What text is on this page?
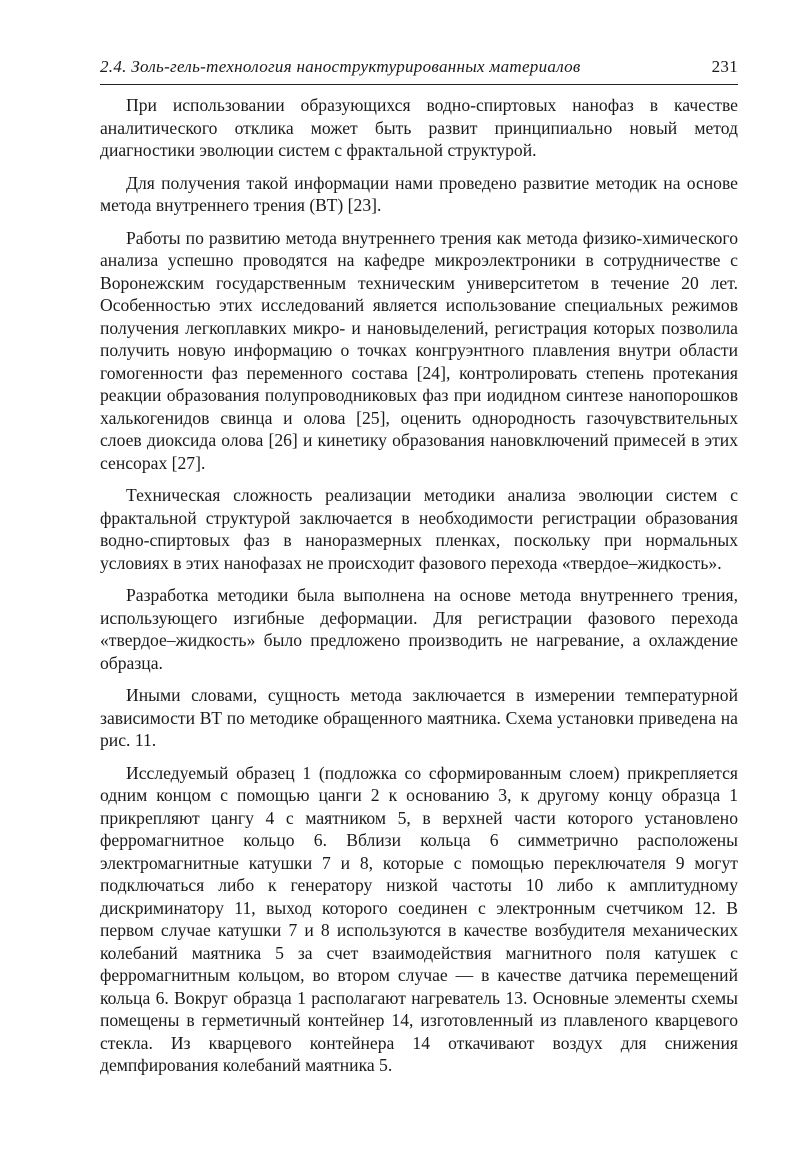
2.4. Золь-гель-технология наноструктурированных материалов	231

При использовании образующихся водно-спиртовых нанофаз в качестве аналитического отклика может быть развит принципиально новый метод диагностики эволюции систем с фрактальной структурой.

Для получения такой информации нами проведено развитие методик на основе метода внутреннего трения (ВТ) [23].

Работы по развитию метода внутреннего трения как метода физико-химического анализа успешно проводятся на кафедре микроэлектроники в сотрудничестве с Воронежским государственным техническим университетом в течение 20 лет. Особенностью этих исследований является использование специальных режимов получения легкоплавких микро- и нановыделений, регистрация которых позволила получить новую информацию о точках конгруэнтного плавления внутри области гомогенности фаз переменного состава [24], контролировать степень протекания реакции образования полупроводниковых фаз при иодидном синтезе нанопорошков халькогенидов свинца и олова [25], оценить однородность газочувствительных слоев диоксида олова [26] и кинетику образования нановключений примесей в этих сенсорах [27].

Техническая сложность реализации методики анализа эволюции систем с фрактальной структурой заключается в необходимости регистрации образования водно-спиртовых фаз в наноразмерных пленках, поскольку при нормальных условиях в этих нанофазах не происходит фазового перехода «твердое–жидкость».

Разработка методики была выполнена на основе метода внутреннего трения, использующего изгибные деформации. Для регистрации фазового перехода «твердое–жидкость» было предложено производить не нагревание, а охлаждение образца.

Иными словами, сущность метода заключается в измерении температурной зависимости ВТ по методике обращенного маятника. Схема установки приведена на рис. 11.

Исследуемый образец 1 (подложка со сформированным слоем) прикрепляется одним концом с помощью цанги 2 к основанию 3, к другому концу образца 1 прикрепляют цангу 4 с маятником 5, в верхней части которого установлено ферромагнитное кольцо 6. Вблизи кольца 6 симметрично расположены электромагнитные катушки 7 и 8, которые с помощью переключателя 9 могут подключаться либо к генератору низкой частоты 10 либо к амплитудному дискриминатору 11, выход которого соединен с электронным счетчиком 12. В первом случае катушки 7 и 8 используются в качестве возбудителя механических колебаний маятника 5 за счет взаимодействия магнитного поля катушек с ферромагнитным кольцом, во втором случае — в качестве датчика перемещений кольца 6. Вокруг образца 1 располагают нагреватель 13. Основные элементы схемы помещены в герметичный контейнер 14, изготовленный из плавленого кварцевого стекла. Из кварцевого контейнера 14 откачивают воздух для снижения демпфирования колебаний маятника 5.
